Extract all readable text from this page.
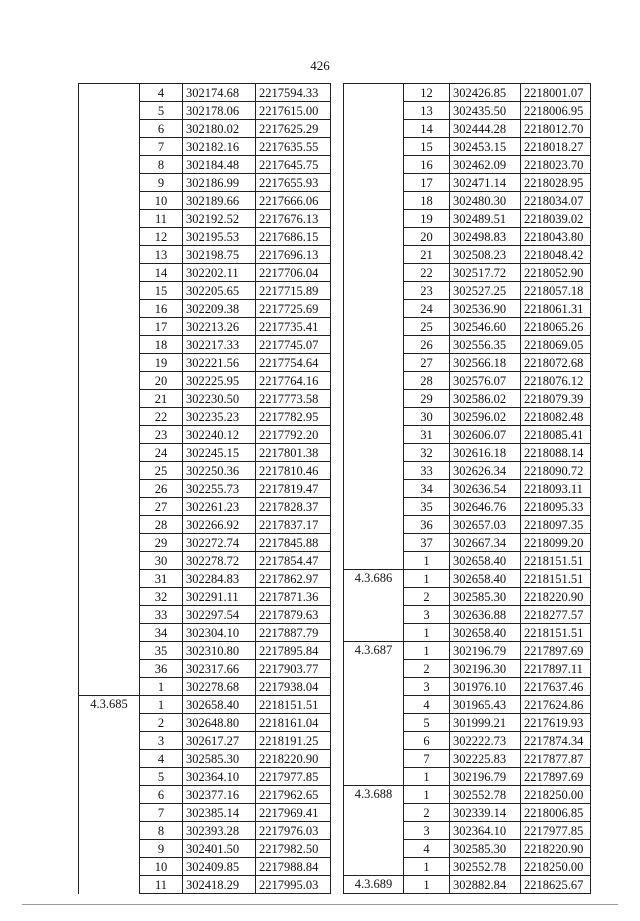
426
	4	302174.68	2217594.33
	5	302178.06	2217615.00
	6	302180.02	2217625.29
	7	302182.16	2217635.55
	8	302184.48	2217645.75
	9	302186.99	2217655.93
	10	302189.66	2217666.06
	11	302192.52	2217676.13
	12	302195.53	2217686.15
	13	302198.75	2217696.13
	14	302202.11	2217706.04
	15	302205.65	2217715.89
	16	302209.38	2217725.69
	17	302213.26	2217735.41
	18	302217.33	2217745.07
	19	302221.56	2217754.64
	20	302225.95	2217764.16
	21	302230.50	2217773.58
	22	302235.23	2217782.95
	23	302240.12	2217792.20
	24	302245.15	2217801.38
	25	302250.36	2217810.46
	26	302255.73	2217819.47
	27	302261.23	2217828.37
	28	302266.92	2217837.17
	29	302272.74	2217845.88
	30	302278.72	2217854.47
	31	302284.83	2217862.97
	32	302291.11	2217871.36
	33	302297.54	2217879.63
	34	302304.10	2217887.79
	35	302310.80	2217895.84
	36	302317.66	2217903.77
	1	302278.68	2217938.04
4.3.685	1	302658.40	2218151.51
	2	302648.80	2218161.04
	3	302617.27	2218191.25
	4	302585.30	2218220.90
	5	302364.10	2217977.85
	6	302377.16	2217962.65
	7	302385.14	2217969.41
	8	302393.28	2217976.03
	9	302401.50	2217982.50
	10	302409.85	2217988.84
	11	302418.29	2217995.03
	12	302426.85	2218001.07
	13	302435.50	2218006.95
	14	302444.28	2218012.70
	15	302453.15	2218018.27
	16	302462.09	2218023.70
	17	302471.14	2218028.95
	18	302480.30	2218034.07
	19	302489.51	2218039.02
	20	302498.83	2218043.80
	21	302508.23	2218048.42
	22	302517.72	2218052.90
	23	302527.25	2218057.18
	24	302536.90	2218061.31
	25	302546.60	2218065.26
	26	302556.35	2218069.05
	27	302566.18	2218072.68
	28	302576.07	2218076.12
	29	302586.02	2218079.39
	30	302596.02	2218082.48
	31	302606.07	2218085.41
	32	302616.18	2218088.14
	33	302626.34	2218090.72
	34	302636.54	2218093.11
	35	302646.76	2218095.33
	36	302657.03	2218097.35
	37	302667.34	2218099.20
	1	302658.40	2218151.51
4.3.686	1	302658.40	2218151.51
	2	302585.30	2218220.90
	3	302636.88	2218277.57
	1	302658.40	2218151.51
4.3.687	1	302196.79	2217897.69
	2	302196.30	2217897.11
	3	301976.10	2217637.46
	4	301965.43	2217624.86
	5	301999.21	2217619.93
	6	302222.73	2217874.34
	7	302225.83	2217877.87
	1	302196.79	2217897.69
4.3.688	1	302552.78	2218250.00
	2	302339.14	2218006.85
	3	302364.10	2217977.85
	4	302585.30	2218220.90
	1	302552.78	2218250.00
4.3.689	1	302882.84	2218625.67
